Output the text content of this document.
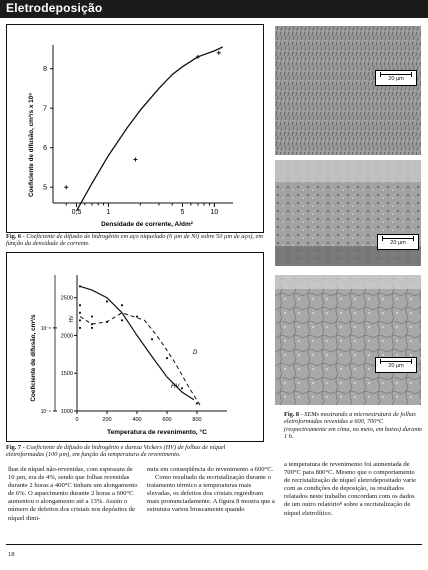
Eletrodeposição
0,5	1	5	10
5
6
7
8
Densidade de corrente, A/dm²
Coeficiente de difusão, cm²/s x 10⁸
Fig. 6 - Coeficiente de difusão de hidrogênio em aço niquelado (6 µm de Ni) sobre 50 µm de aço), em função da densidade de corrente.
0	200	400	600	800
2500
2000
1500
1000
10⁻⁸
10⁻⁹
D
HV
Temperatura de revenimento, °C
Coeficiente de difusão, cm²/s	HV
Fig. 7 - Coeficiente de difusão de hidrogênio e dureza Vickers (HV) de folhas de níquel eletroformadas (100 µm), em função da temperatura de revenimento.
20 µm
20 µm
20 µm
Fig. 8 - SEMs mostrando a microestrutura de folhas eletroformadas revenidas a 600, 700°C (respectivamente em cima, no meio, em baixo) durante 1 h.
lhas de níquel não-revenidas, com espessura de 10 µm, era de 4%, sendo que folhas revenidas durante 2 horas a 400°C tinham um alongamento de 6%. O aquecimento durante 2 horas a 600°C aumentou o alongamento até a 13%. Assim o número de defeitos dos cristais nos depósitos de níquel dimi-
nuiu em conseqüência do revenimento a 600°C.
Como resultado da recristalização durante o tratamento térmico a temperaturas mais elevadas, os defeitos dos cristais regrediram mais pronunciadamente. A figura 8 mostra que a estrutura variou bruscamente quando
a temperatura de revenimento foi aumentada de 700°C para 800°C. Mesmo que o comportamento de recristalização de níquel eletrodepositado varie com as condições de deposição, os resultados relatados neste trabalho concordam com os dados de um outro relatório⁸ sobre a recristalização de níquel eletrolítico.
18
